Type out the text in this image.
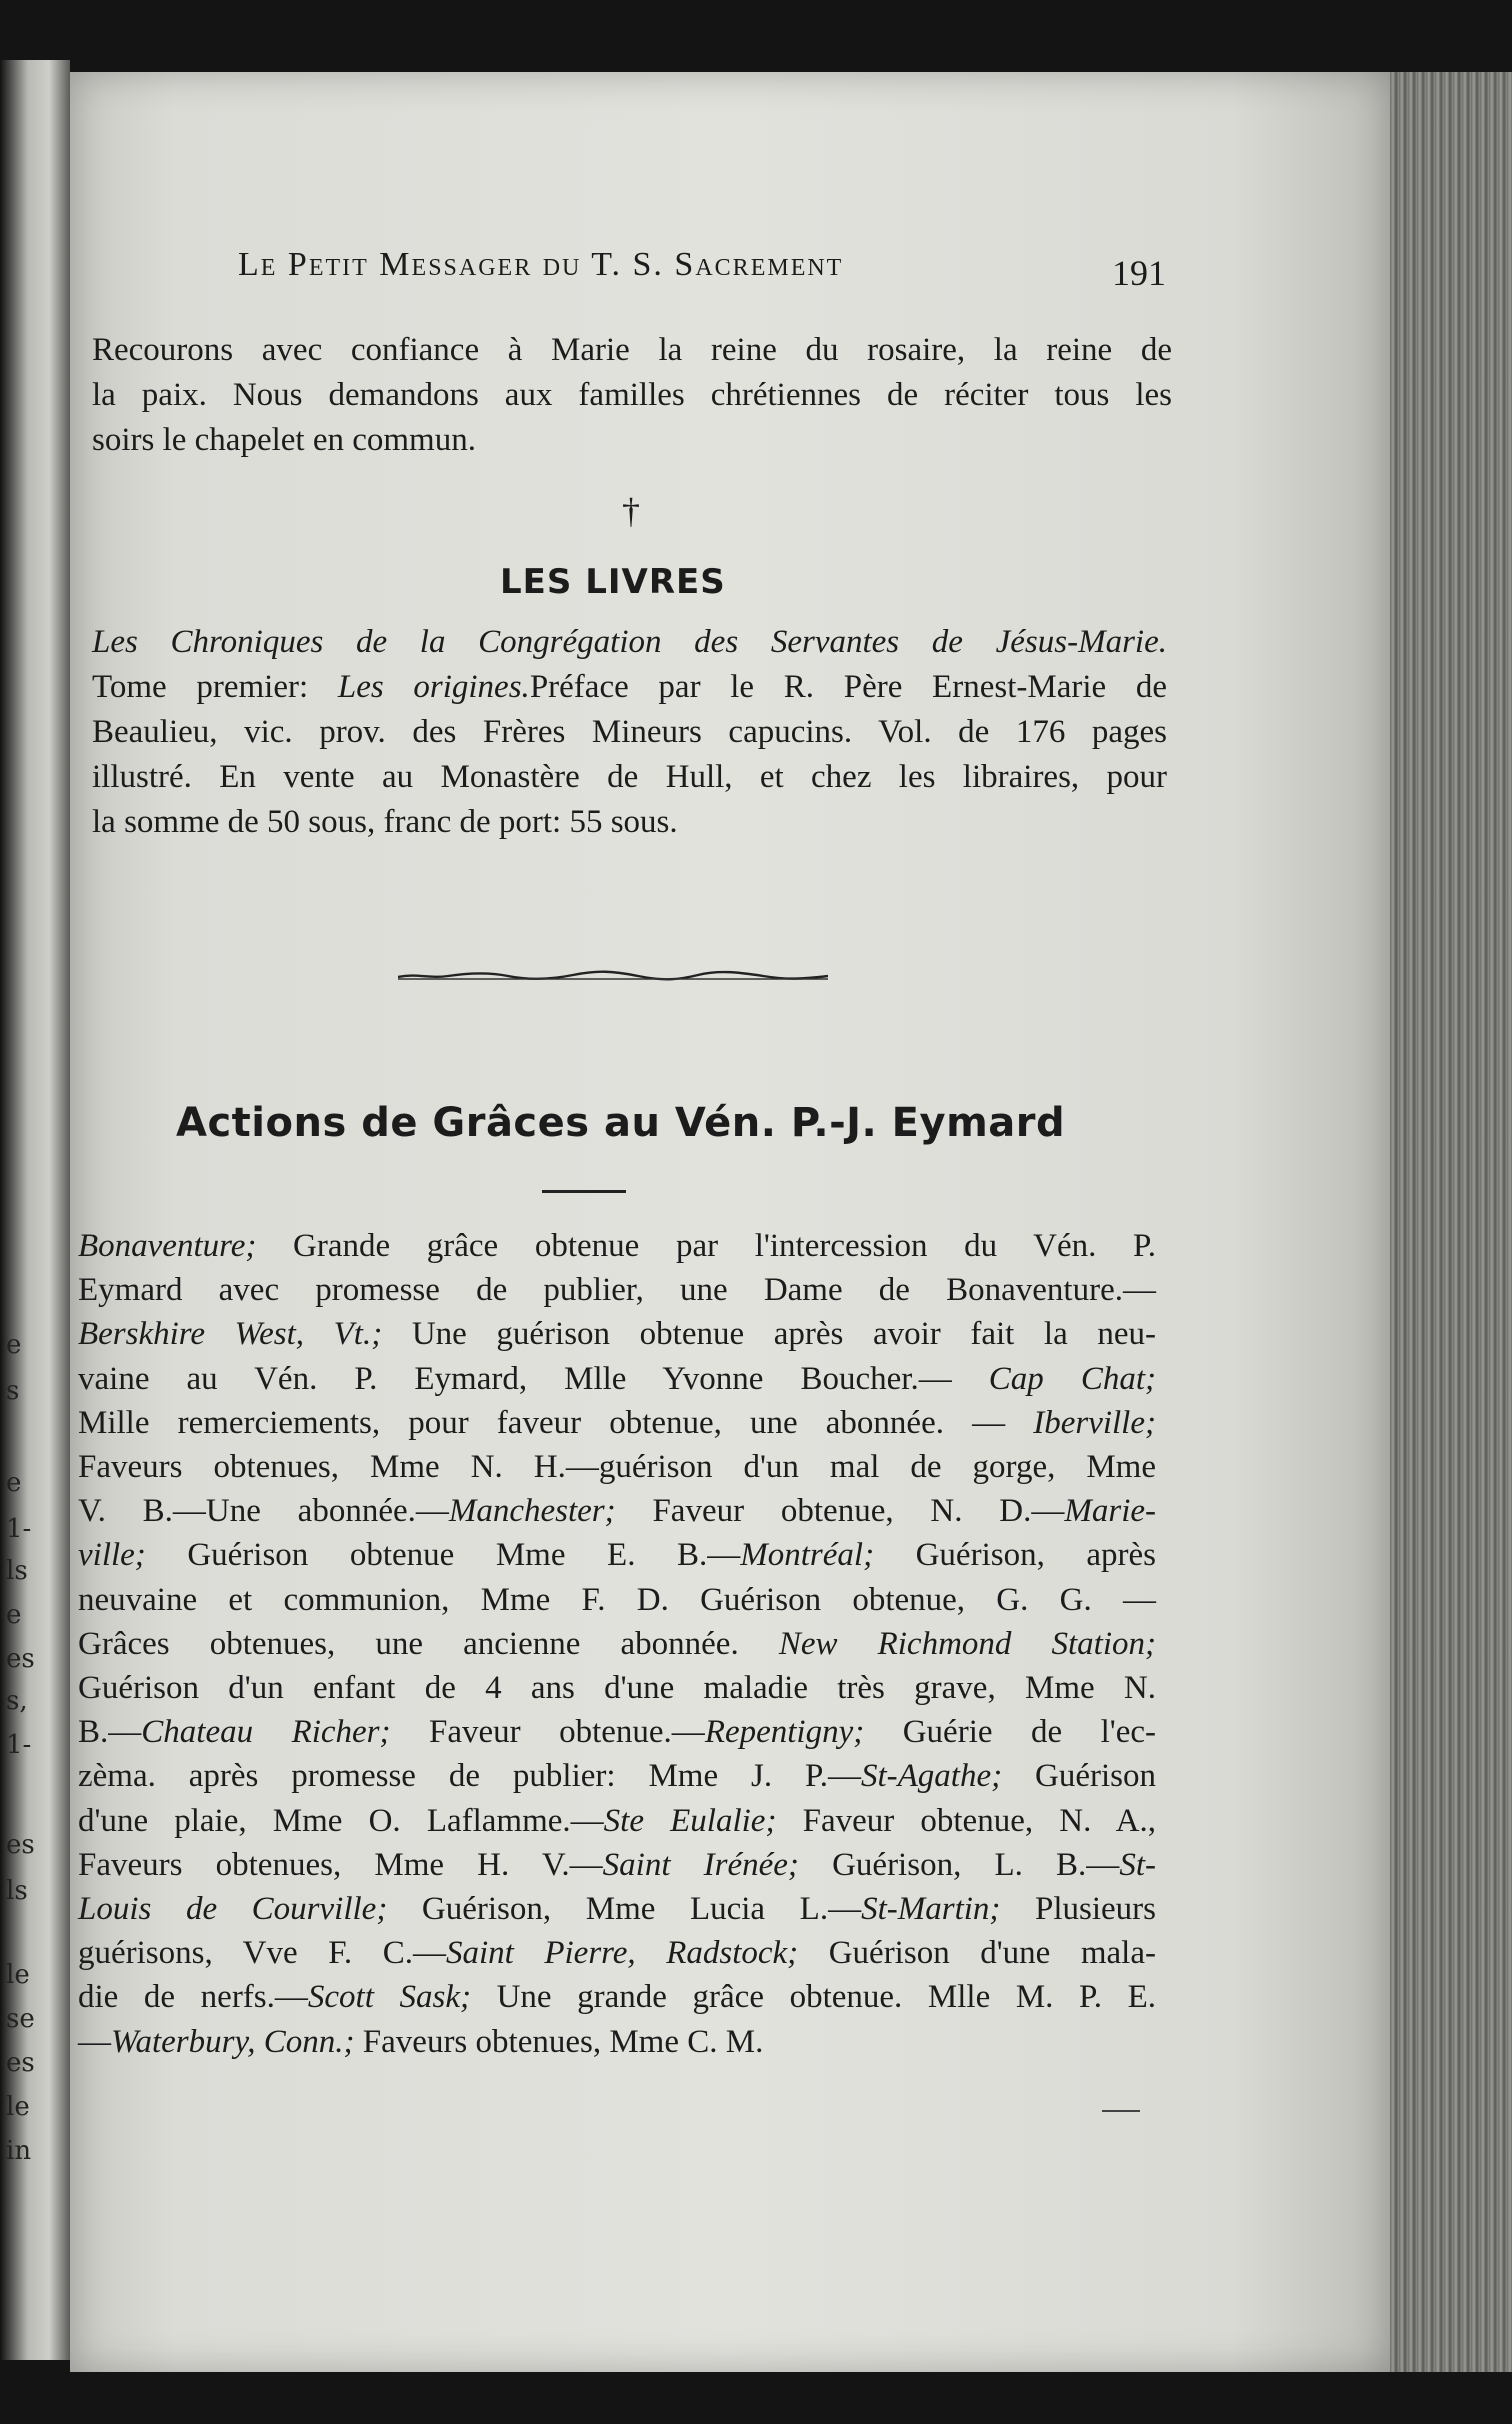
e
s
e
1-
ls
e
es
s,
1-
es
ls
le
se
es
le
in
Le Petit Messager du T. S. Sacrement	191
Recourons avec confiance à Marie la reine du rosaire, la reine de
la paix. Nous demandons aux familles chrétiennes de réciter tous les
soirs le chapelet en commun.
†
LES LIVRES
Les Chroniques de la Congrégation des Servantes de Jésus-Marie.
Tome premier: Les origines.Préface par le R. Père Ernest-Marie de
Beaulieu, vic. prov. des Frères Mineurs capucins. Vol. de 176 pages
illustré. En vente au Monastère de Hull, et chez les libraires, pour
la somme de 50 sous, franc de port: 55 sous.
Actions de Grâces au Vén. P.-J. Eymard
Bonaventure; Grande grâce obtenue par l'intercession du Vén. P.
Eymard avec promesse de publier, une Dame de Bonaventure.—
Berskhire West, Vt.; Une guérison obtenue après avoir fait la neu-
vaine au Vén. P. Eymard, Mlle Yvonne Boucher.— Cap Chat;
Mille remerciements, pour faveur obtenue, une abonnée. — Iberville;
Faveurs obtenues, Mme N. H.—guérison d'un mal de gorge, Mme
V. B.—Une abonnée.—Manchester; Faveur obtenue, N. D.—Marie-
ville; Guérison obtenue Mme E. B.—Montréal; Guérison, après
neuvaine et communion, Mme F. D. Guérison obtenue, G. G. —
Grâces obtenues, une ancienne abonnée. New Richmond Station;
Guérison d'un enfant de 4 ans d'une maladie très grave, Mme N.
B.—Chateau Richer; Faveur obtenue.—Repentigny; Guérie de l'ec-
zèma. après promesse de publier: Mme J. P.—St-Agathe; Guérison
d'une plaie, Mme O. Laflamme.—Ste Eulalie; Faveur obtenue, N. A.,
Faveurs obtenues, Mme H. V.—Saint Irénée; Guérison, L. B.—St-
Louis de Courville; Guérison, Mme Lucia L.—St-Martin; Plusieurs
guérisons, Vve F. C.—Saint Pierre, Radstock; Guérison d'une mala-
die de nerfs.—Scott Sask; Une grande grâce obtenue. Mlle M. P. E.
—Waterbury, Conn.; Faveurs obtenues, Mme C. M.
